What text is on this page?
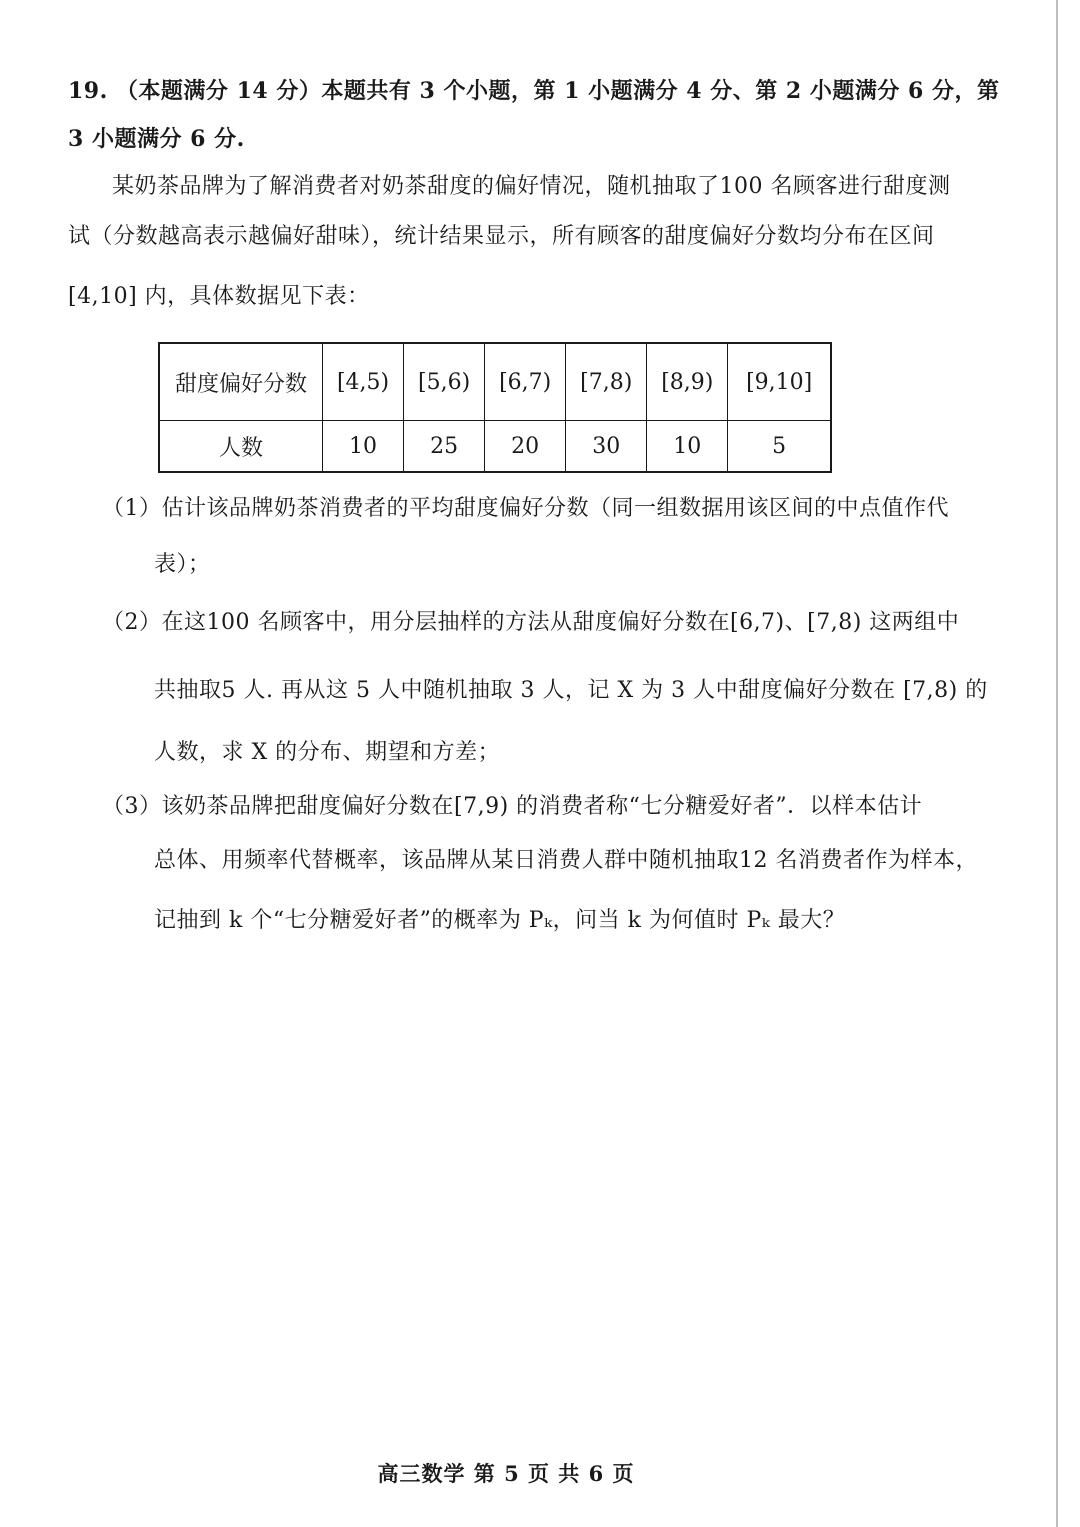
19. （本题满分 14 分）本题共有 3 个小题，第 1 小题满分 4 分、第 2 小题满分 6 分，第
3 小题满分 6 分.
某奶茶品牌为了解消费者对奶茶甜度的偏好情况，随机抽取了100 名顾客进行甜度测
试（分数越高表示越偏好甜味），统计结果显示，所有顾客的甜度偏好分数均分布在区间
[4,10] 内，具体数据见下表：
甜度偏好分数	[4,5)	[5,6)	[6,7)	[7,8)	[8,9)	[9,10]
人数	10	25	20	30	10	5
（1）估计该品牌奶茶消费者的平均甜度偏好分数（同一组数据用该区间的中点值作代
表）；
（2）在这100 名顾客中，用分层抽样的方法从甜度偏好分数在[6,7)、[7,8) 这两组中
共抽取5 人. 再从这 5 人中随机抽取 3 人，记 X 为 3 人中甜度偏好分数在 [7,8) 的
人数，求 X 的分布、期望和方差；
（3）该奶茶品牌把甜度偏好分数在[7,9) 的消费者称“七分糖爱好者”．以样本估计
总体、用频率代替概率，该品牌从某日消费人群中随机抽取12 名消费者作为样本，
记抽到 k 个“七分糖爱好者”的概率为 Pₖ，问当 k 为何值时 Pₖ 最大？
高三数学 第 5 页 共 6 页
